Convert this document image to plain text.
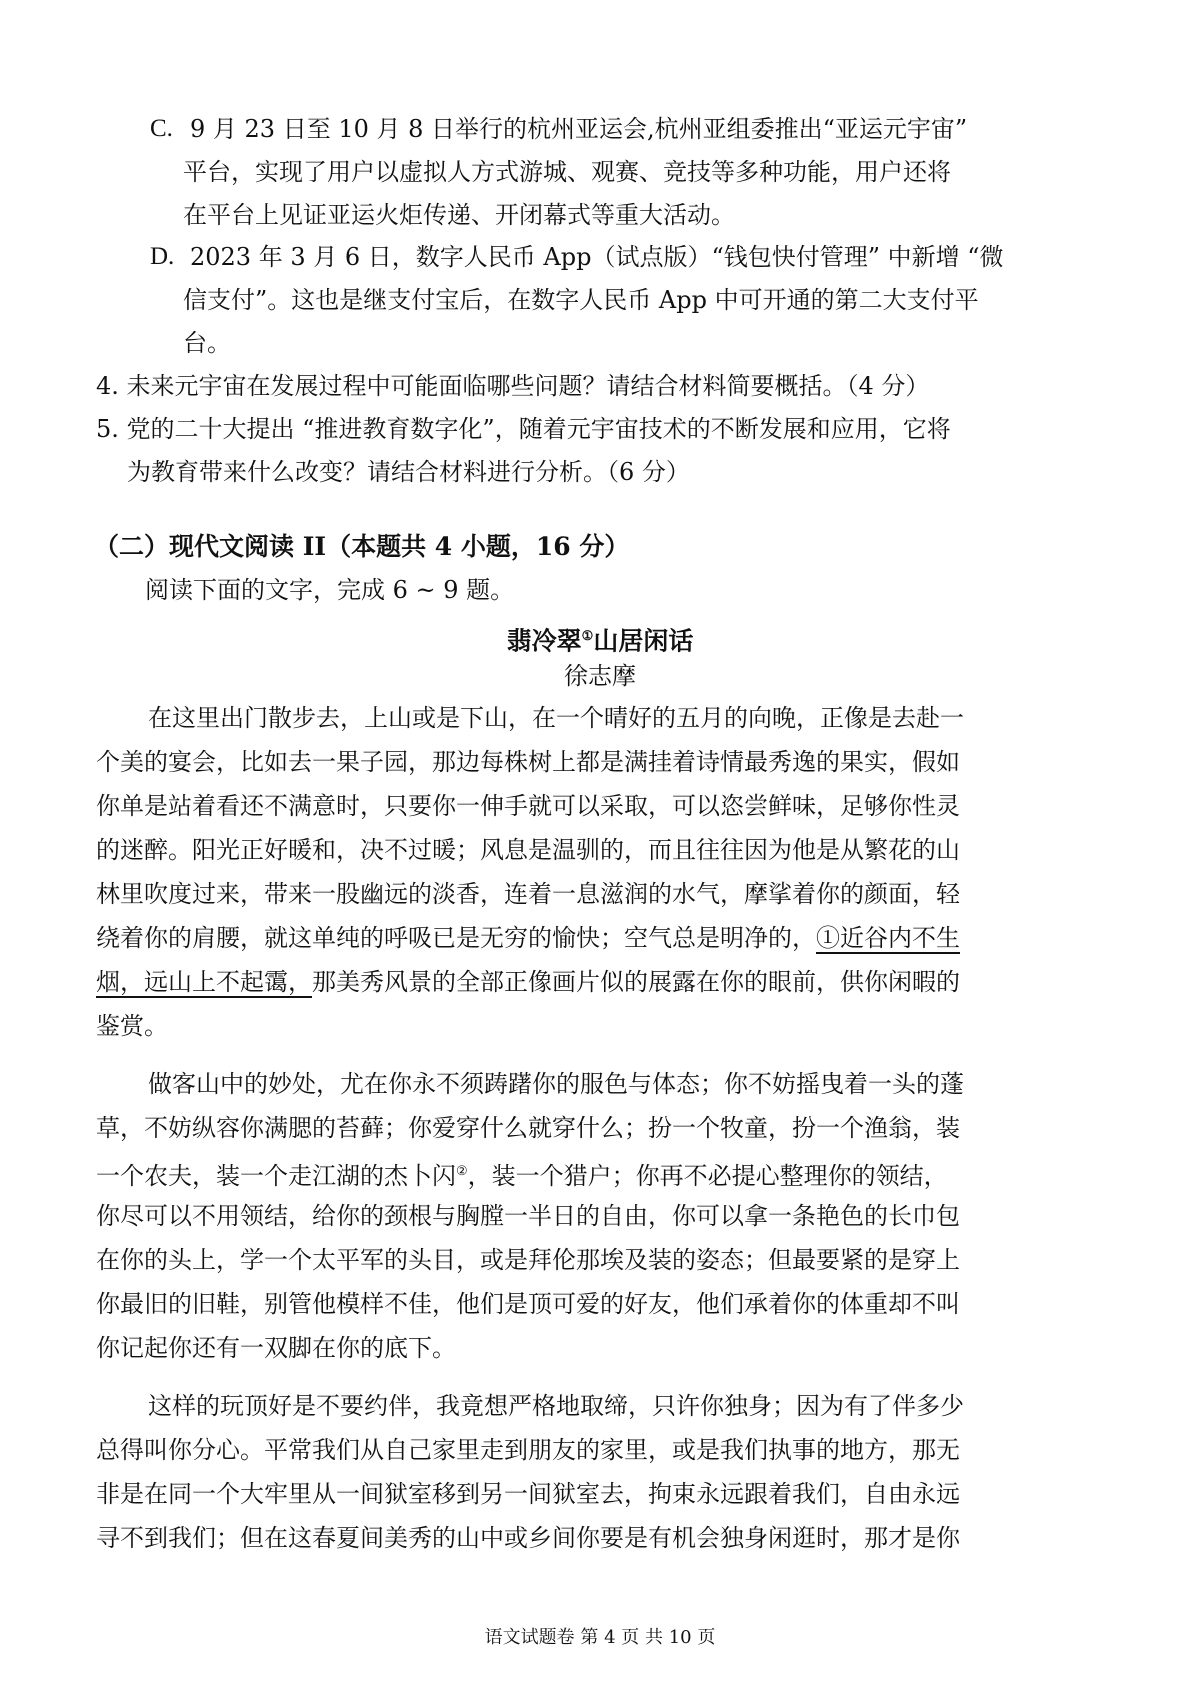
C. 9 月 23 日至 10 月 8 日举行的杭州亚运会,杭州亚组委推出“亚运元宇宙”
平台，实现了用户以虚拟人方式游城、观赛、竞技等多种功能，用户还将
在平台上见证亚运火炬传递、开闭幕式等重大活动。
D. 2023 年 3 月 6 日，数字人民币 App（试点版）“钱包快付管理” 中新增 “微
信支付”。这也是继支付宝后，在数字人民币 App 中可开通的第二大支付平
台。
4. 未来元宇宙在发展过程中可能面临哪些问题？请结合材料简要概括。（4 分）
5. 党的二十大提出 “推进教育数字化”，随着元宇宙技术的不断发展和应用，它将
为教育带来什么改变？请结合材料进行分析。（6 分）
（二）现代文阅读 II（本题共 4 小题，16 分）
阅读下面的文字，完成 6 ~ 9 题。
翡冷翠①山居闲话
徐志摩
在这里出门散步去，上山或是下山，在一个晴好的五月的向晚，正像是去赴一
个美的宴会，比如去一果子园，那边每株树上都是满挂着诗情最秀逸的果实，假如
你单是站着看还不满意时，只要你一伸手就可以采取，可以恣尝鲜味，足够你性灵
的迷醉。阳光正好暖和，决不过暖；风息是温驯的，而且往往因为他是从繁花的山
林里吹度过来，带来一股幽远的淡香，连着一息滋润的水气，摩挲着你的颜面，轻
绕着你的肩腰，就这单纯的呼吸已是无穷的愉快；空气总是明净的，①近谷内不生
烟，远山上不起霭，那美秀风景的全部正像画片似的展露在你的眼前，供你闲暇的
鉴赏。
做客山中的妙处，尤在你永不须踌躇你的服色与体态；你不妨摇曳着一头的蓬
草，不妨纵容你满腮的苔藓；你爱穿什么就穿什么；扮一个牧童，扮一个渔翁，装
一个农夫，装一个走江湖的杰卜闪②，装一个猎户；你再不必提心整理你的领结，
你尽可以不用领结，给你的颈根与胸膛一半日的自由，你可以拿一条艳色的长巾包
在你的头上，学一个太平军的头目，或是拜伦那埃及装的姿态；但最要紧的是穿上
你最旧的旧鞋，别管他模样不佳，他们是顶可爱的好友，他们承着你的体重却不叫
你记起你还有一双脚在你的底下。
这样的玩顶好是不要约伴，我竟想严格地取缔，只许你独身；因为有了伴多少
总得叫你分心。平常我们从自己家里走到朋友的家里，或是我们执事的地方，那无
非是在同一个大牢里从一间狱室移到另一间狱室去，拘束永远跟着我们，自由永远
寻不到我们；但在这春夏间美秀的山中或乡间你要是有机会独身闲逛时，那才是你
语文试题卷 第 4 页 共 10 页
